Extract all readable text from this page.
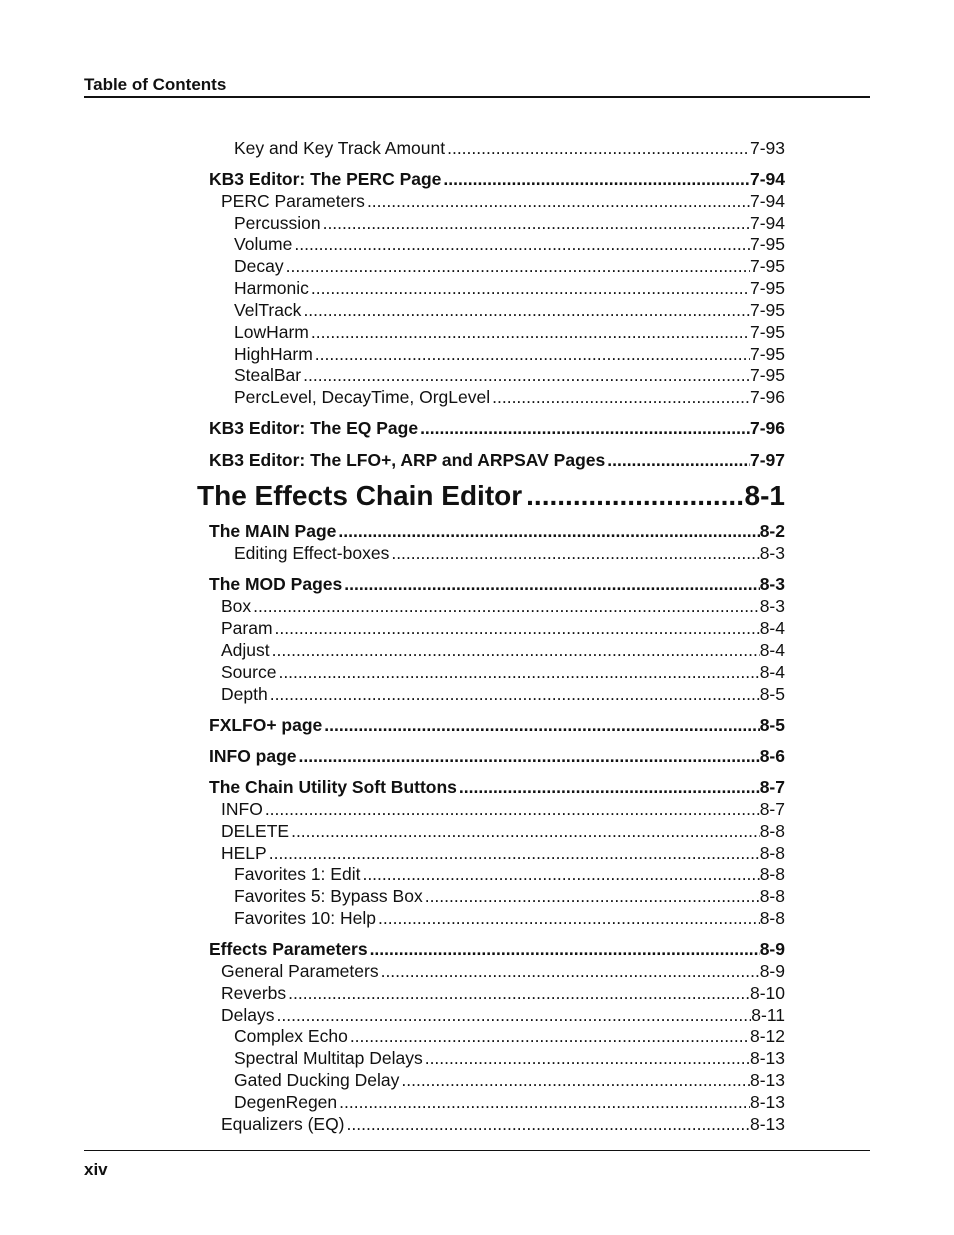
Table of Contents
Key and Key Track Amount .....	7-93
KB3 Editor: The PERC Page .....	7-94
PERC Parameters .....	7-94
Percussion .....	7-94
Volume .....	7-95
Decay .....	7-95
Harmonic .....	7-95
VelTrack .....	7-95
LowHarm .....	7-95
HighHarm .....	7-95
StealBar .....	7-95
PercLevel, DecayTime, OrgLevel .....	7-96
KB3 Editor: The EQ Page .....	7-96
KB3 Editor: The LFO+, ARP and ARPSAV Pages .....	7-97
The Effects Chain Editor .....	8-1
The MAIN Page .....	8-2
Editing Effect-boxes .....	8-3
The MOD Pages .....	8-3
Box .....	8-3
Param .....	8-4
Adjust .....	8-4
Source .....	8-4
Depth .....	8-5
FXLFO+ page .....	8-5
INFO page .....	8-6
The Chain Utility Soft Buttons .....	8-7
INFO .....	8-7
DELETE .....	8-8
HELP .....	8-8
Favorites 1: Edit .....	8-8
Favorites 5: Bypass Box .....	8-8
Favorites 10: Help .....	8-8
Effects Parameters .....	8-9
General Parameters .....	8-9
Reverbs .....	8-10
Delays .....	8-11
Complex Echo .....	8-12
Spectral Multitap Delays .....	8-13
Gated Ducking Delay .....	8-13
DegenRegen .....	8-13
Equalizers (EQ) .....	8-13
xiv
